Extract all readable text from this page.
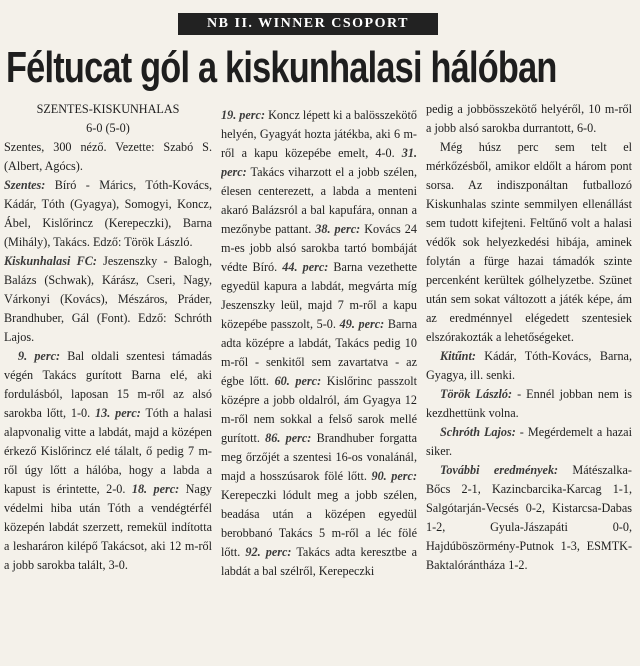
NB II. WINNER CSOPORT
Féltucat gól a kiskunhalasi hálóban

SZENTES-KISKUNHALAS

6-0 (5-0)

Szentes, 300 néző. Vezette: Szabó S. (Albert, Agócs).

Szentes: Bíró - Márics, Tóth-Kovács, Kádár, Tóth (Gyagya), Somogyi, Koncz, Ábel, Kislőrincz (Kerepeczki), Barna (Mihály), Takács. Edző: Török László.

Kiskunhalasi FC: Jeszenszky - Balogh, Balázs (Schwak), Kárász, Cseri, Nagy, Várkonyi (Kovács), Mészáros, Práder, Brandhuber, Gál (Font). Edző: Schróth Lajos.

9. perc: Bal oldali szentesi támadás végén Takács gurított Barna elé, aki fordulásból, laposan 15 m-ről az alsó sarokba lőtt, 1-0. 13. perc: Tóth a halasi alapvonalig vitte a labdát, majd a középen érkező Kislőrincz elé tálalt, ő pedig 7 m-ről úgy lőtt a hálóba, hogy a labda a kapust is érintette, 2-0. 18. perc: Nagy védelmi hiba után Tóth a vendégtérfél közepén labdát szerzett, remekül indította a lesharáron kilépő Takácsot, aki 12 m-ről a jobb sarokba talált, 3-0.

19. perc: Koncz lépett ki a balösszekötő helyén, Gyagyát hozta játékba, aki 6 m-ről a kapu közepébe emelt, 4-0. 31. perc: Takács viharzott el a jobb szélen, élesen centerezett, a labda a menteni akaró Balázsról a bal kapufára, onnan a mezőnybe pattant. 38. perc: Kovács 24 m-es jobb alsó sarokba tartó bombáját védte Bíró. 44. perc: Barna vezethette egyedül kapura a labdát, megvárta míg Jeszenszky leül, majd 7 m-ről a kapu közepébe passzolt, 5-0. 49. perc: Barna adta középre a labdát, Takács pedig 10 m-ről - senkitől sem zavartatva - az égbe lőtt. 60. perc: Kislőrinc passzolt középre a jobb oldalról, ám Gyagya 12 m-ről nem sokkal a felső sarok mellé gurított. 86. perc: Brandhuber forgatta meg őrzőjét a szentesi 16-os vonalánál, majd a hosszúsarok fölé lőtt. 90. perc: Kerepeczki lódult meg a jobb szélen, beadása után a középen egyedül berobbanó Takács 5 m-ről a léc fölé lőtt. 92. perc: Takács adta keresztbe a labdát a bal szélről, Kerepeczki

pedig a jobbösszekötő helyéről, 10 m-ről a jobb alsó sarokba durrantott, 6-0.

Még húsz perc sem telt el mérkőzésből, amikor eldőlt a három pont sorsa. Az indiszponáltan futballozó Kiskunhalas szinte semmilyen ellenállást sem tudott kifejteni. Feltűnő volt a halasi védők sok helyezkedési hibája, aminek folytán a fürge hazai támadók szinte percenként kerültek gólhelyzetbe. Szünet után sem sokat változott a játék képe, ám az eredménnyel elégedett szentesiek elszórakozták a lehetőségeket.

Kitűnt: Kádár, Tóth-Kovács, Barna, Gyagya, ill. senki.

Török László: - Ennél jobban nem is kezdhettünk volna.

Schróth Lajos: - Megérdemelt a hazai siker.

További eredmények: Mátészalka-Bőcs 2-1, Kazincbarcika-Karcag 1-1, Salgótarján-Vecsés 0-2, Kistarcsa-Dabas 1-2, Gyula-Jászapáti 0-0, Hajdúböszörmény-Putnok 1-3, ESMTK-Baktalórántháza 1-2.
